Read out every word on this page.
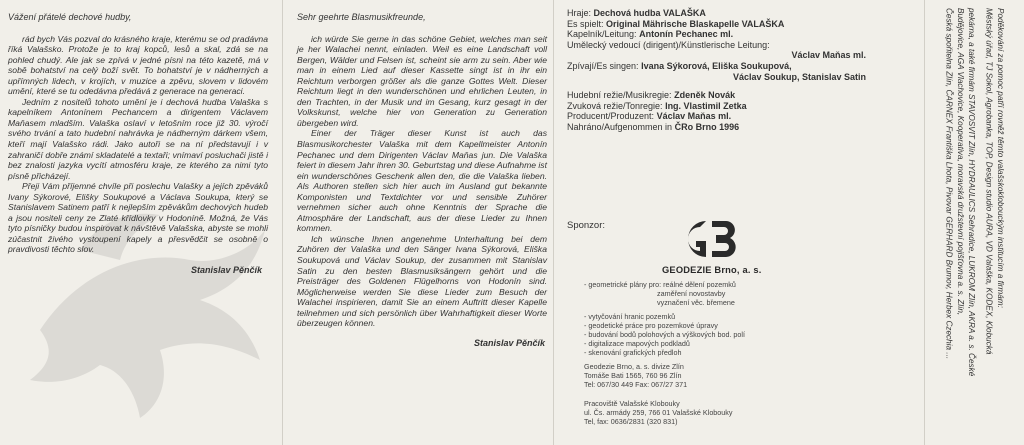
Vážení přátelé dechové hudby,

rád bych Vás pozval do krásného kraje, kterému se od pradávna říká Valašsko. Protože je to kraj kopců, lesů a skal, zdá se na pohled chudý. Ale jak se zpívá v jedné písni na této kazetě, má v sobě bohatství na celý boží svět. To bohatství je v nádherných a upřímných lidech, v krojích, v muzice a zpěvu, slovem v lidovém umění, které se tu odedávna předává z generace na generaci.

Jedním z nositelů tohoto umění je i dechová hudba Valaška s kapelníkem Antonínem Pechancem a dirigentem Václavem Maňasem mladším. Valaška oslaví v letošním roce již 30. výročí svého trvání a tato hudební nahrávka je nádherným dárkem všem, kteří mají Valašsko rádi. Jako autoři se na ní představují i v zahraničí dobře známí skladatelé a textaři; vnímaví posluchači jistě i bez znalosti jazyka vycítí atmosféru kraje, ze kterého za nimi tyto písně přicházejí.

Přeji Vám příjemné chvíle při poslechu Valašky a jejích zpěváků Ivany Sýkorové, Elišky Soukupové a Václava Soukupa, který se Stanislavem Satinem patří k nejlepším zpěvákům dechových hudeb a jsou nositeli ceny ze Zlaté křídlovky v Hodoníně. Možná, že Vás tyto písničky budou inspirovat k návštěvě Valašska, abyste se mohli zúčastnit živého vystoupení kapely a přesvědčit se osobně o pravdivosti těchto slov.

Stanislav Pěnčík
Sehr geehrte Blasmusikfreunde,

ich würde Sie gerne in das schöne Gebiet, welches man seit je her Walachei nennt, einladen. Weil es eine Landschaft voll Bergen, Wälder und Felsen ist, scheint sie arm zu sein. Aber wie man in einem Lied auf dieser Kassette singt ist in ihr ein Reichtum verborgen größer als die ganze Gottes Welt. Dieser Reichtum liegt in den wunderschönen und ehrlichen Leuten, in den Trachten, in der Musik und im Gesang, kurz gesagt in der Volkskunst, welche hier von Generation zu Generation übergeben wird.

Einer der Träger dieser Kunst ist auch das Blasmusikorchester Valaška mit dem Kapellmeister Antonín Pechanec und dem Dirigenten Václav Maňas jun. Die Valaška feiert in diesem Jahr ihren 30. Geburtstag und diese Aufnahme ist ein wunderschönes Geschenk allen den, die die Valaška lieben. Als Authoren stellen sich hier auch im Ausland gut bekannte Komponisten und Textdichter vor und sensible Zuhörer vernehmen sicher auch ohne Kenntnis der Sprache die Atmosphäre der Landschaft, aus der diese Lieder zu Ihnen kommen.

Ich wünsche Ihnen angenehme Unterhaltung bei dem Zuhören der Valaška und den Sänger Ivana Sýkorová, Eliška Soukupová und Václav Soukup, der zusammen mit Stanislav Satin zu den besten Blasmusiksängern gehört und die Preisträger des Goldenen Flügelhorns von Hodonín sind. Möglicherweise werden Sie diese Lieder zum Besuch der Walachei inspirieren, damit Sie an einem Auftritt dieser Kapelle teilnehmen und sich persönlich über Wahrhaftigkeit dieser Worte überzeugen können.

Stanislav Pěnčík
Hraje: Dechová hudba VALAŠKA
Es spielt: Original Mährische Blaskapelle VALAŠKA
Kapelník/Leitung: Antonín Pechanec ml.
Umělecký vedoucí (dirigent)/Künstlerische Leitung:
Václav Maňas ml.
Zpívají/Es singen: Ivana Sýkorová, Eliška Soukupová,
Václav Soukup, Stanislav Satin
Hudební režie/Musikregie: Zdeněk Novák
Zvuková režie/Tonregie: Ing. Vlastimil Zetka
Producent/Produzent: Václav Maňas ml.
Nahráno/Aufgenommen in ČRo Brno 1996
Sponzor:
GEODEZIE Brno, a. s.
- geometrické plány pro: reálné dělení pozemků
zaměření novostavby
vyznačení věc. břemene
- vytyčování hranic pozemků
- geodetické práce pro pozemkové úpravy
- budování bodů polohových a výškových bod. polí
- digitalizace mapových podkladů
- skenování grafických předloh
Geodezie Brno, a. s. divize Zlín
Tomáše Bati 1565, 760 96 Zlín
Tel: 067/30 449 Fax: 067/27 371
Pracoviště Valašské Klobouky
ul. Čs. armády 259, 766 01 Valašské Klobouky
Tel, fax: 0636/2831 (320 831)
Poděkování za pomoc patří rovněž těmto valašskoklobouckým institucím a firmám:
Městský úřad, TJ Sokol, Agrobanka, TOP, Design studio AURA, VD Valaška, KODEX, Klobucká
pekárna, a také firmám STAVOSVIT Zlín, HYDRAULICS Sehradice, LUKROM Zlín, AKRA a. s. České
Budějovice, AGA Vlachovice, Kooperativa, moravská družstevní pojišťovna a. s. Zlín,
Česká spořitelna Zlín, ČARNEX Františka Lhota, Pivovar GERHARD Brumov, Herbex Czechia ...
